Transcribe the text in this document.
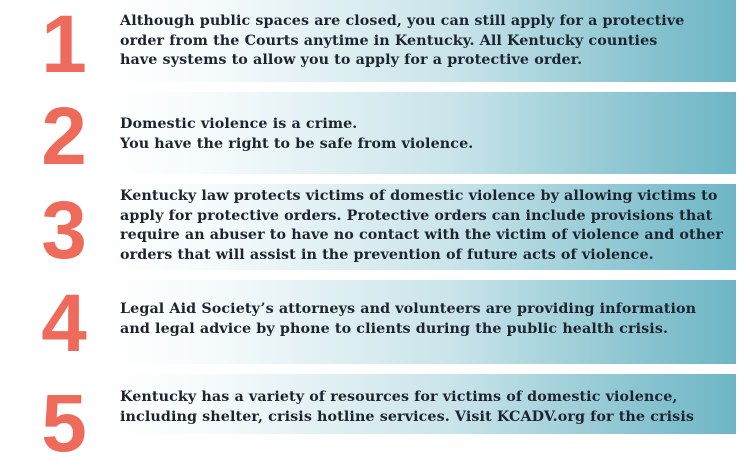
1	Although public spaces are closed, you can still apply for a protective
order from the Courts anytime in Kentucky. All Kentucky counties
have systems to allow you to apply for a protective order.
2	Domestic violence is a crime.
You have the right to be safe from violence.
3	Kentucky law protects victims of domestic violence by allowing victims to
apply for protective orders. Protective orders can include provisions that
require an abuser to have no contact with the victim of violence and other
orders that will assist in the prevention of future acts of violence.
4	Legal Aid Society’s attorneys and volunteers are providing information
and legal advice by phone to clients during the public health crisis.
5	Kentucky has a variety of resources for victims of domestic violence,
including shelter, crisis hotline services. Visit KCADV.org for the crisis
